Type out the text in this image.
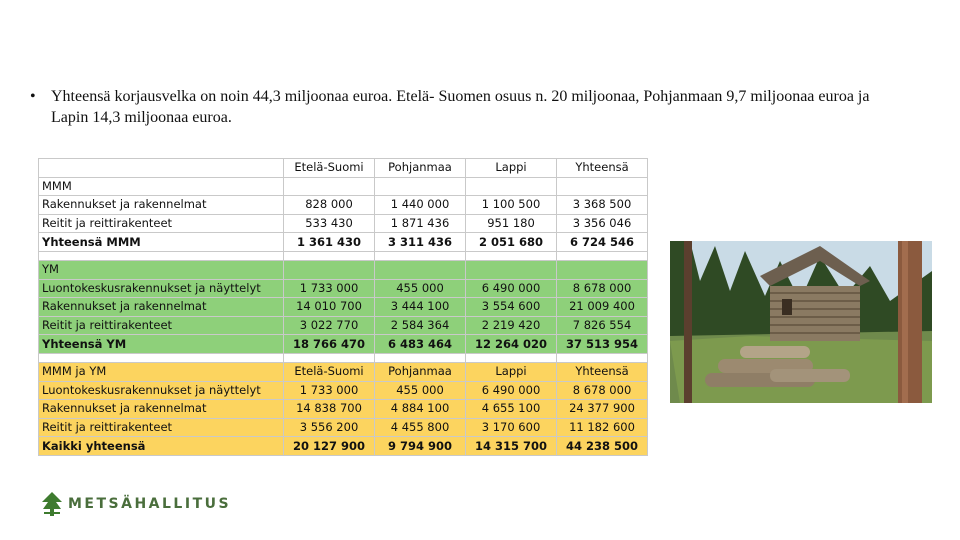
• Yhteensä korjausvelka on noin 44,3 miljoonaa euroa. Etelä- Suomen osuus n. 20 miljoonaa, Pohjanmaan 9,7 miljoonaa euroa ja Lapin 14,3 miljoonaa euroa.
	Etelä-Suomi	Pohjanmaa	Lappi	Yhteensä
MMM				
Rakennukset ja rakennelmat	828 000	1 440 000	1 100 500	3 368 500
Reitit ja reittirakenteet	533 430	1 871 436	951 180	3 356 046
Yhteensä MMM	1 361 430	3 311 436	2 051 680	6 724 546

YM				
Luontokeskusrakennukset ja näyttelyt	1 733 000	455 000	6 490 000	8 678 000
Rakennukset ja rakennelmat	14 010 700	3 444 100	3 554 600	21 009 400
Reitit ja reittirakenteet	3 022 770	2 584 364	2 219 420	7 826 554
Yhteensä YM	18 766 470	6 483 464	12 264 020	37 513 954

MMM ja YM	Etelä-Suomi	Pohjanmaa	Lappi	Yhteensä
Luontokeskusrakennukset ja näyttelyt	1 733 000	455 000	6 490 000	8 678 000
Rakennukset ja rakennelmat	14 838 700	4 884 100	4 655 100	24 377 900
Reitit ja reittirakenteet	3 556 200	4 455 800	3 170 600	11 182 600
Kaikki yhteensä	20 127 900	9 794 900	14 315 700	44 238 500
METSÄHALLITUS
